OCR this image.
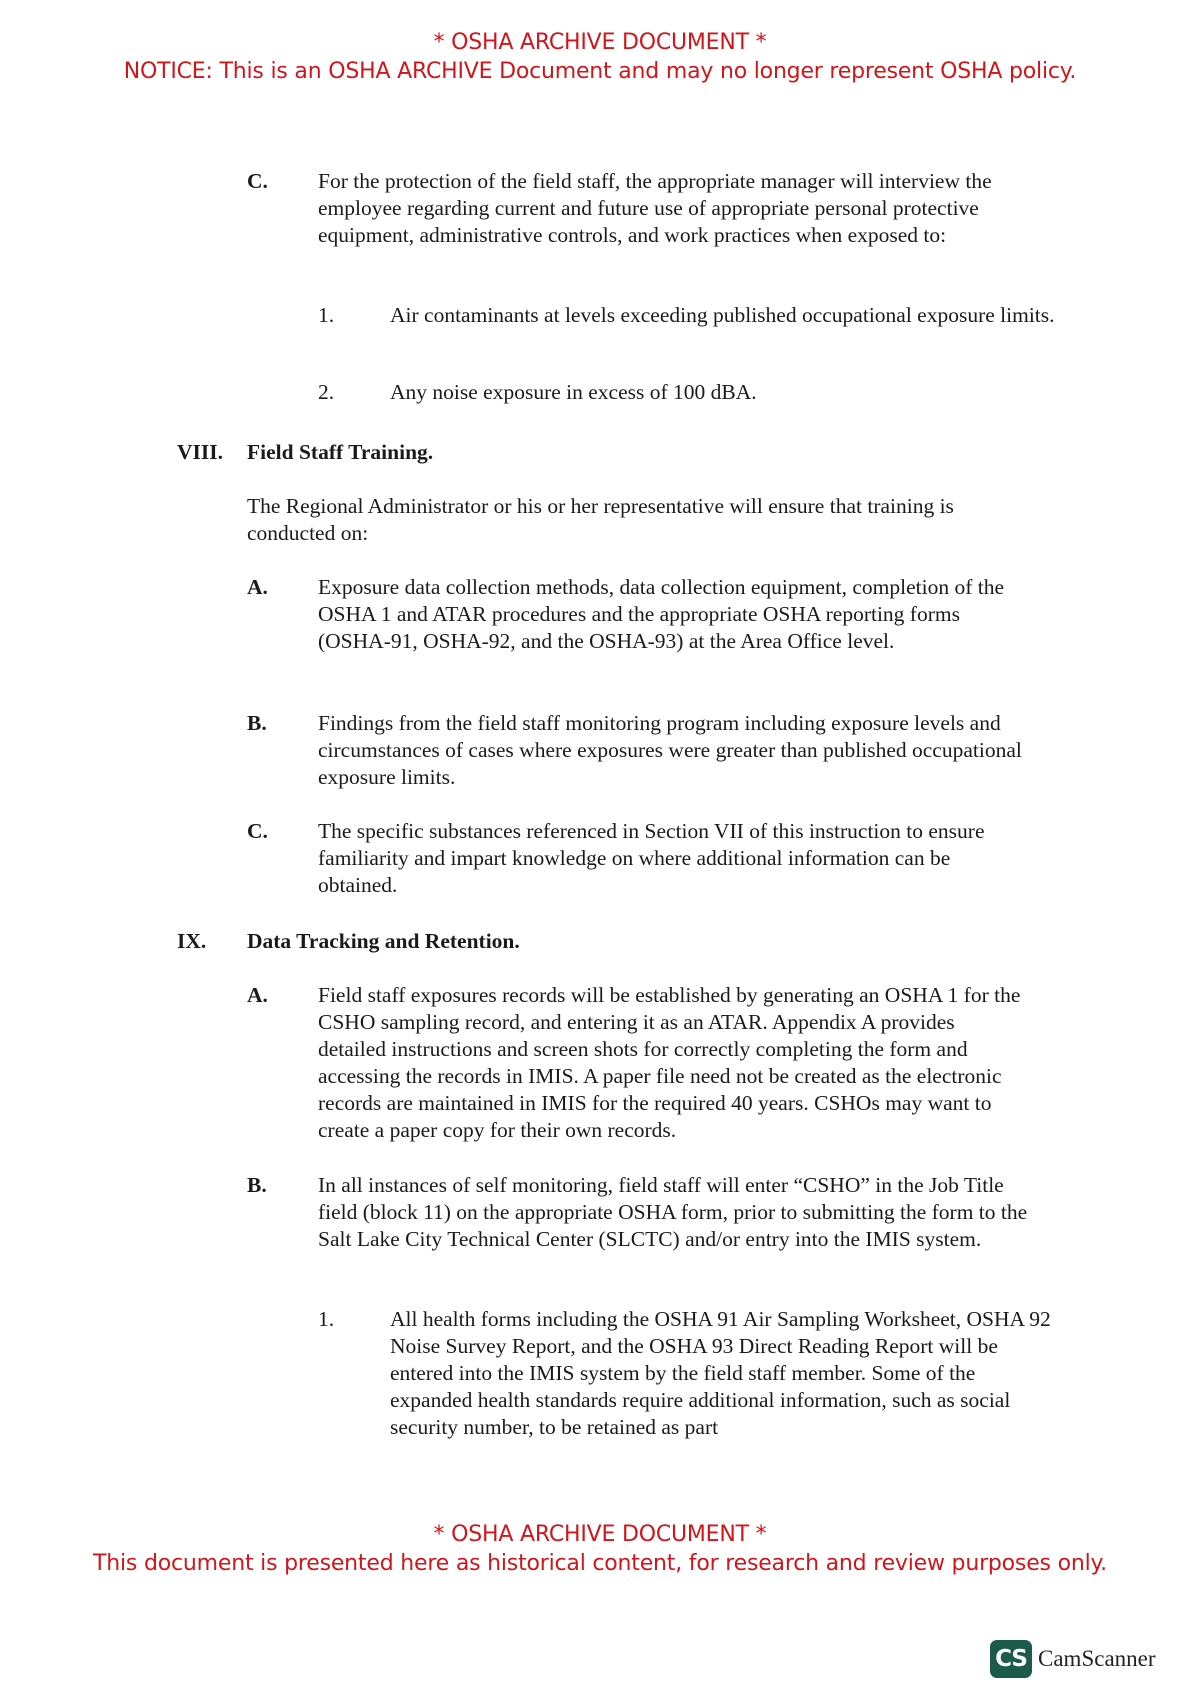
* OSHA ARCHIVE DOCUMENT *
NOTICE: This is an OSHA ARCHIVE Document and may no longer represent OSHA policy.
C. For the protection of the field staff, the appropriate manager will interview the employee regarding current and future use of appropriate personal protective equipment, administrative controls, and work practices when exposed to:
1.	Air contaminants at levels exceeding published occupational exposure limits.
2.	Any noise exposure in excess of 100 dBA.
VIII. Field Staff Training.
The Regional Administrator or his or her representative will ensure that training is conducted on:
A. Exposure data collection methods, data collection equipment, completion of the OSHA 1 and ATAR procedures and the appropriate OSHA reporting forms (OSHA-91, OSHA-92, and the OSHA-93) at the Area Office level.
B. Findings from the field staff monitoring program including exposure levels and circumstances of cases where exposures were greater than published occupational exposure limits.
C. The specific substances referenced in Section VII of this instruction to ensure familiarity and impart knowledge on where additional information can be obtained.
IX. Data Tracking and Retention.
A. Field staff exposures records will be established by generating an OSHA 1 for the CSHO sampling record, and entering it as an ATAR. Appendix A provides detailed instructions and screen shots for correctly completing the form and accessing the records in IMIS. A paper file need not be created as the electronic records are maintained in IMIS for the required 40 years. CSHOs may want to create a paper copy for their own records.
B. In all instances of self monitoring, field staff will enter “CSHO” in the Job Title field (block 11) on the appropriate OSHA form, prior to submitting the form to the Salt Lake City Technical Center (SLCTC) and/or entry into the IMIS system.
1.	All health forms including the OSHA 91 Air Sampling Worksheet, OSHA 92 Noise Survey Report, and the OSHA 93 Direct Reading Report will be entered into the IMIS system by the field staff member. Some of the expanded health standards require additional information, such as social security number, to be retained as part
* OSHA ARCHIVE DOCUMENT *
This document is presented here as historical content, for research and review purposes only.
CS CamScanner
